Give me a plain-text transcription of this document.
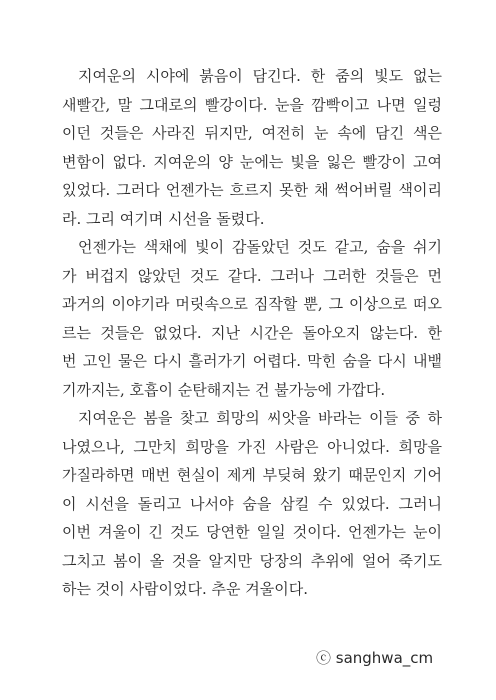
지여운의 시야에 붉음이 담긴다. 한 줌의 빛도 없는
새빨간, 말 그대로의 빨강이다. 눈을 깜빡이고 나면 일렁
이던 것들은 사라진 뒤지만, 여전히 눈 속에 담긴 색은
변함이 없다. 지여운의 양 눈에는 빛을 잃은 빨강이 고여
있었다. 그러다 언젠가는 흐르지 못한 채 썩어버릴 색이리
라. 그리 여기며 시선을 돌렸다.
언젠가는 색채에 빛이 감돌았던 것도 같고, 숨을 쉬기
가 버겁지 않았던 것도 같다. 그러나 그러한 것들은 먼
과거의 이야기라 머릿속으로 짐작할 뿐, 그 이상으로 떠오
르는 것들은 없었다. 지난 시간은 돌아오지 않는다. 한
번 고인 물은 다시 흘러가기 어렵다. 막힌 숨을 다시 내뱉
기까지는, 호흡이 순탄해지는 건 불가능에 가깝다.
지여운은 봄을 찾고 희망의 씨앗을 바라는 이들 중 하
나였으나, 그만치 희망을 가진 사람은 아니었다. 희망을
가질라하면 매번 현실이 제게 부딪혀 왔기 때문인지 기어
이 시선을 돌리고 나서야 숨을 삼킬 수 있었다. 그러니
이번 겨울이 긴 것도 당연한 일일 것이다. 언젠가는 눈이
그치고 봄이 올 것을 알지만 당장의 추위에 얼어 죽기도
하는 것이 사람이었다. 추운 겨울이다.
ⓒ sanghwa_cm
